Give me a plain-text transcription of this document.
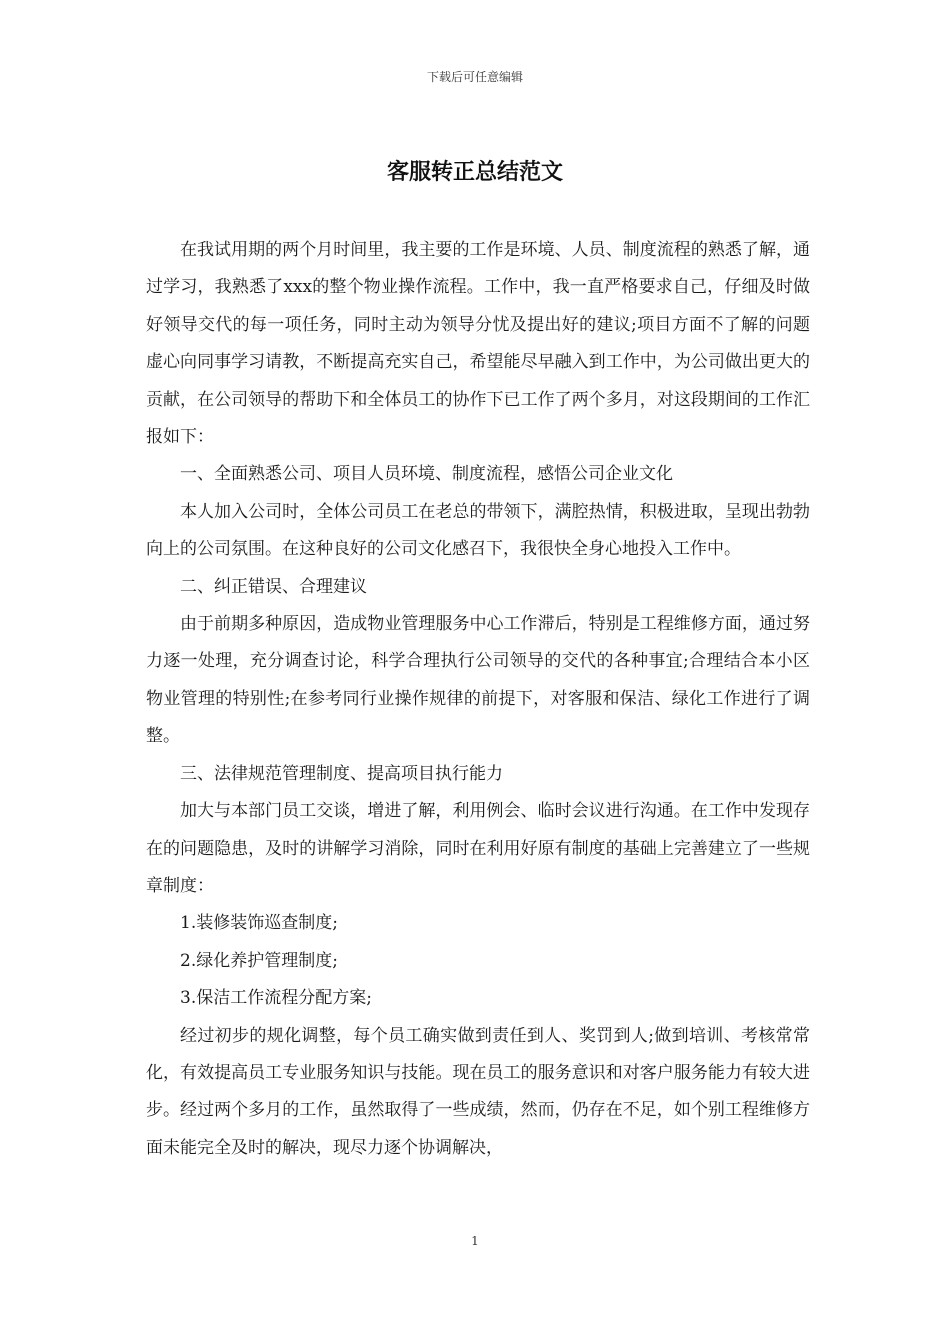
下载后可任意编辑
客服转正总结范文

在我试用期的两个月时间里，我主要的工作是环境、人员、制度流程的熟悉了解，通过学习，我熟悉了xxx的整个物业操作流程。工作中，我一直严格要求自己，仔细及时做好领导交代的每一项任务，同时主动为领导分忧及提出好的建议;项目方面不了解的问题虚心向同事学习请教，不断提高充实自己，希望能尽早融入到工作中，为公司做出更大的贡献，在公司领导的帮助下和全体员工的协作下已工作了两个多月，对这段期间的工作汇报如下：

一、全面熟悉公司、项目人员环境、制度流程，感悟公司企业文化

本人加入公司时，全体公司员工在老总的带领下，满腔热情，积极进取，呈现出勃勃向上的公司氛围。在这种良好的公司文化感召下，我很快全身心地投入工作中。

二、纠正错误、合理建议

由于前期多种原因，造成物业管理服务中心工作滞后，特别是工程维修方面，通过努力逐一处理，充分调查讨论，科学合理执行公司领导的交代的各种事宜;合理结合本小区物业管理的特别性;在参考同行业操作规律的前提下，对客服和保洁、绿化工作进行了调整。

三、法律规范管理制度、提高项目执行能力

加大与本部门员工交谈，增进了解，利用例会、临时会议进行沟通。在工作中发现存在的问题隐患，及时的讲解学习消除，同时在利用好原有制度的基础上完善建立了一些规章制度：

1.装修装饰巡查制度;

2.绿化养护管理制度;

3.保洁工作流程分配方案;

经过初步的规化调整，每个员工确实做到责任到人、奖罚到人;做到培训、考核常常化，有效提高员工专业服务知识与技能。现在员工的服务意识和对客户服务能力有较大进步。经过两个多月的工作，虽然取得了一些成绩，然而，仍存在不足，如个别工程维修方面未能完全及时的解决，现尽力逐个协调解决，

1
